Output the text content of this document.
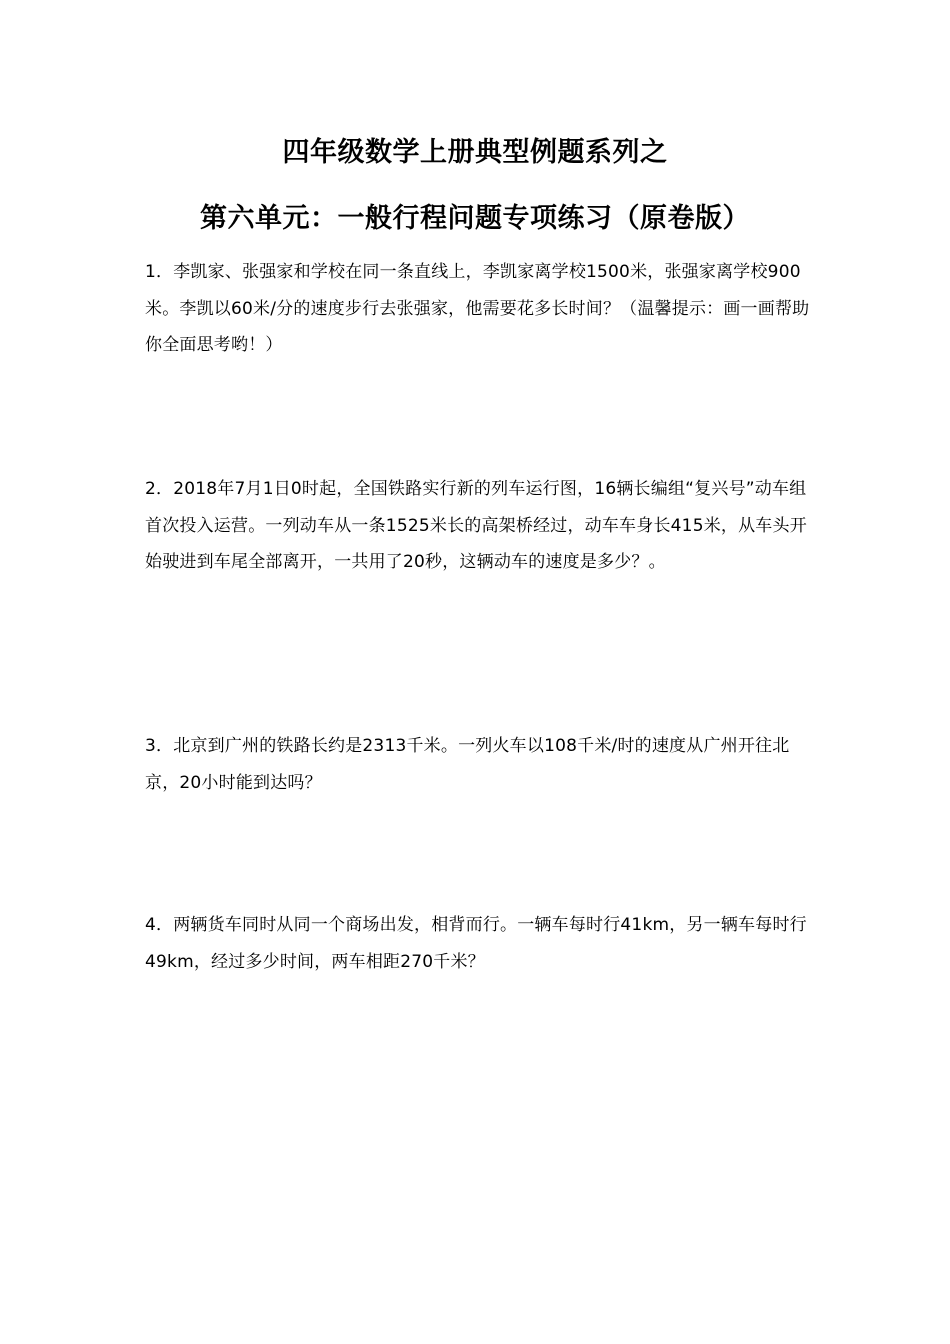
四年级数学上册典型例题系列之
第六单元：一般行程问题专项练习（原卷版）

1．李凯家、张强家和学校在同一条直线上，李凯家离学校1500米，张强家离学校900米。李凯以60米/分的速度步行去张强家，他需要花多长时间？（温馨提示：画一画帮助你全面思考哟！）

2．2018年7月1日0时起，全国铁路实行新的列车运行图，16辆长编组“复兴号”动车组首次投入运营。一列动车从一条1525米长的高架桥经过，动车车身长415米，从车头开始驶进到车尾全部离开，一共用了20秒，这辆动车的速度是多少？。

3．北京到广州的铁路长约是2313千米。一列火车以108千米/时的速度从广州开往北京，20小时能到达吗？

4．两辆货车同时从同一个商场出发，相背而行。一辆车每时行41km，另一辆车每时行49km，经过多少时间，两车相距270千米？
